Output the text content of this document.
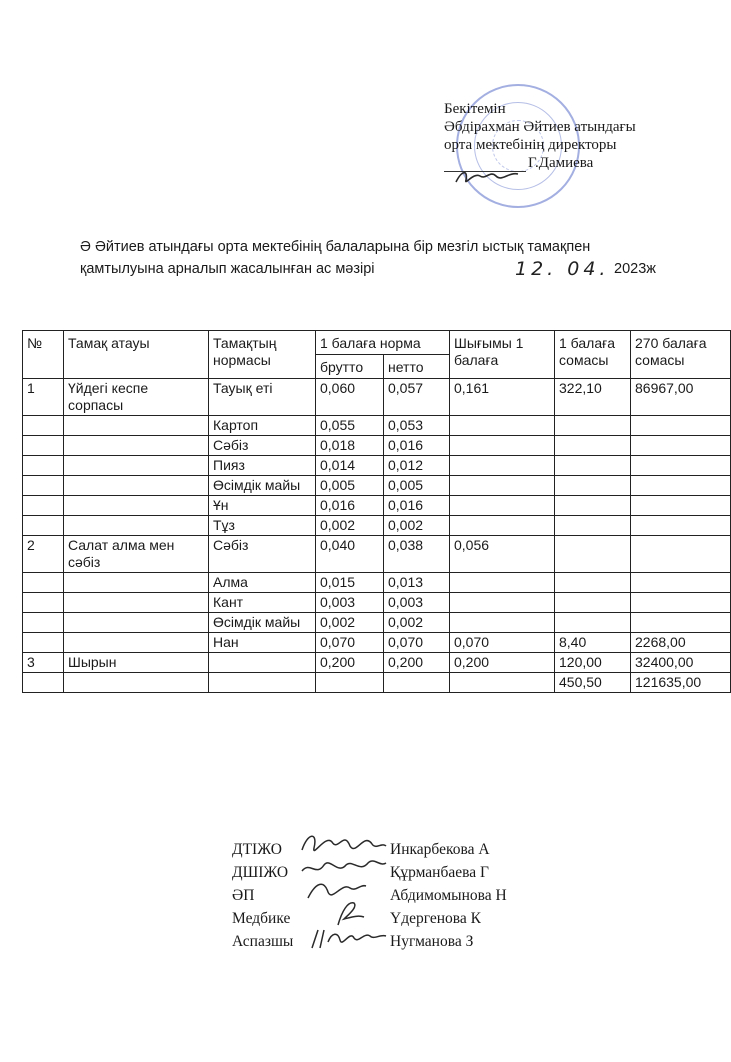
Бекітемін
Әбдірахман Әйтиев атындағы
орта мектебінің директоры
Г.Дамиева
Ә Әйтиев атындағы орта мектебінің балаларына бір мезгіл ыстық тамақпен
қамтылуына арналып жасалынған ас мәзірі	12. 04. 2023ж
№	Тамақ атауы	Тамақтың нормасы	1 балаға норма		Шығымы 1 балаға	1 балаға сомасы	270 балаға сомасы
			брутто	нетто			
1	Үйдегі кеспе сорпасы	Тауық еті	0,060	0,057	0,161	322,10	86967,00
		Картоп	0,055	0,053			
		Сәбіз	0,018	0,016			
		Пияз	0,014	0,012			
		Өсімдік майы	0,005	0,005			
		Ұн	0,016	0,016			
		Тұз	0,002	0,002			
2	Салат алма мен сәбіз	Сәбіз	0,040	0,038	0,056		
		Алма	0,015	0,013			
		Кант	0,003	0,003			
		Өсімдік майы	0,002	0,002			
		Нан	0,070	0,070	0,070	8,40	2268,00
3	Шырын		0,200	0,200	0,200	120,00	32400,00
						450,50	121635,00
ДТІЖО	Инкарбекова А
ДШІЖО	Құрманбаева Г
ӘП	Абдимомынова Н
Медбике	Үдергенова К
Аспазшы	Нугманова З
